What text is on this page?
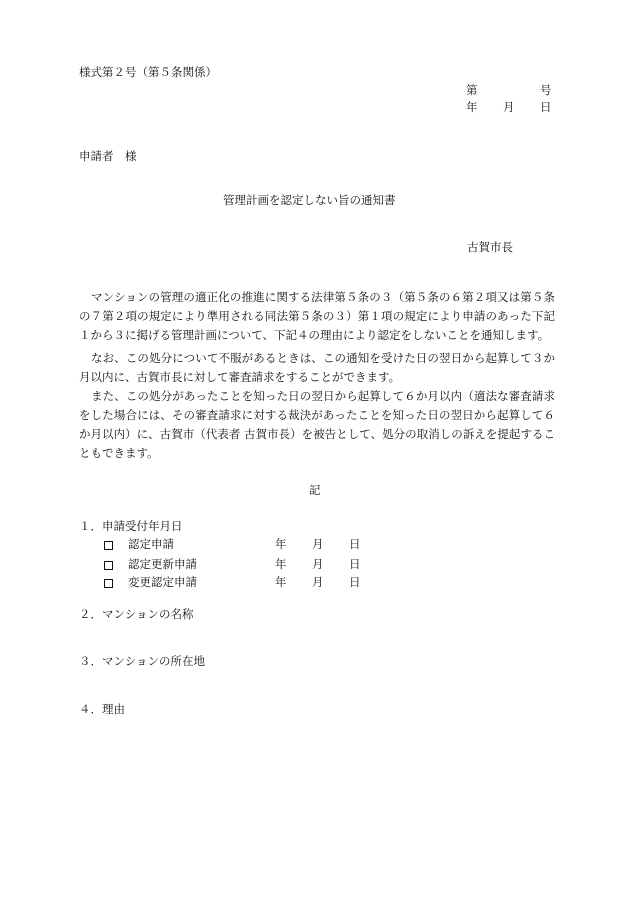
様式第２号（第５条関係）
第	号
年 月 日
申請者　様
管理計画を認定しない旨の通知書
古賀市長
マンションの管理の適正化の推進に関する法律第５条の３（第５条の６第２項又は第５条の７第２項の規定により準用される同法第５条の３）第１項の規定により申請のあった下記１から３に掲げる管理計画について、下記４の理由により認定をしないことを通知します。
なお、この処分について不服があるときは、この通知を受けた日の翌日から起算して３か月以内に、古賀市長に対して審査請求をすることができます。
また、この処分があったことを知った日の翌日から起算して６か月以内（適法な審査請求をした場合には、その審査請求に対する裁決があったことを知った日の翌日から起算して６か月以内）に、古賀市（代表者 古賀市長）を被告として、処分の取消しの訴えを提起することもできます。
記
１．申請受付年月日
認定申請	年 月 日
認定更新申請	年 月 日
変更認定申請	年 月 日
２．マンションの名称
３．マンションの所在地
４．理由
